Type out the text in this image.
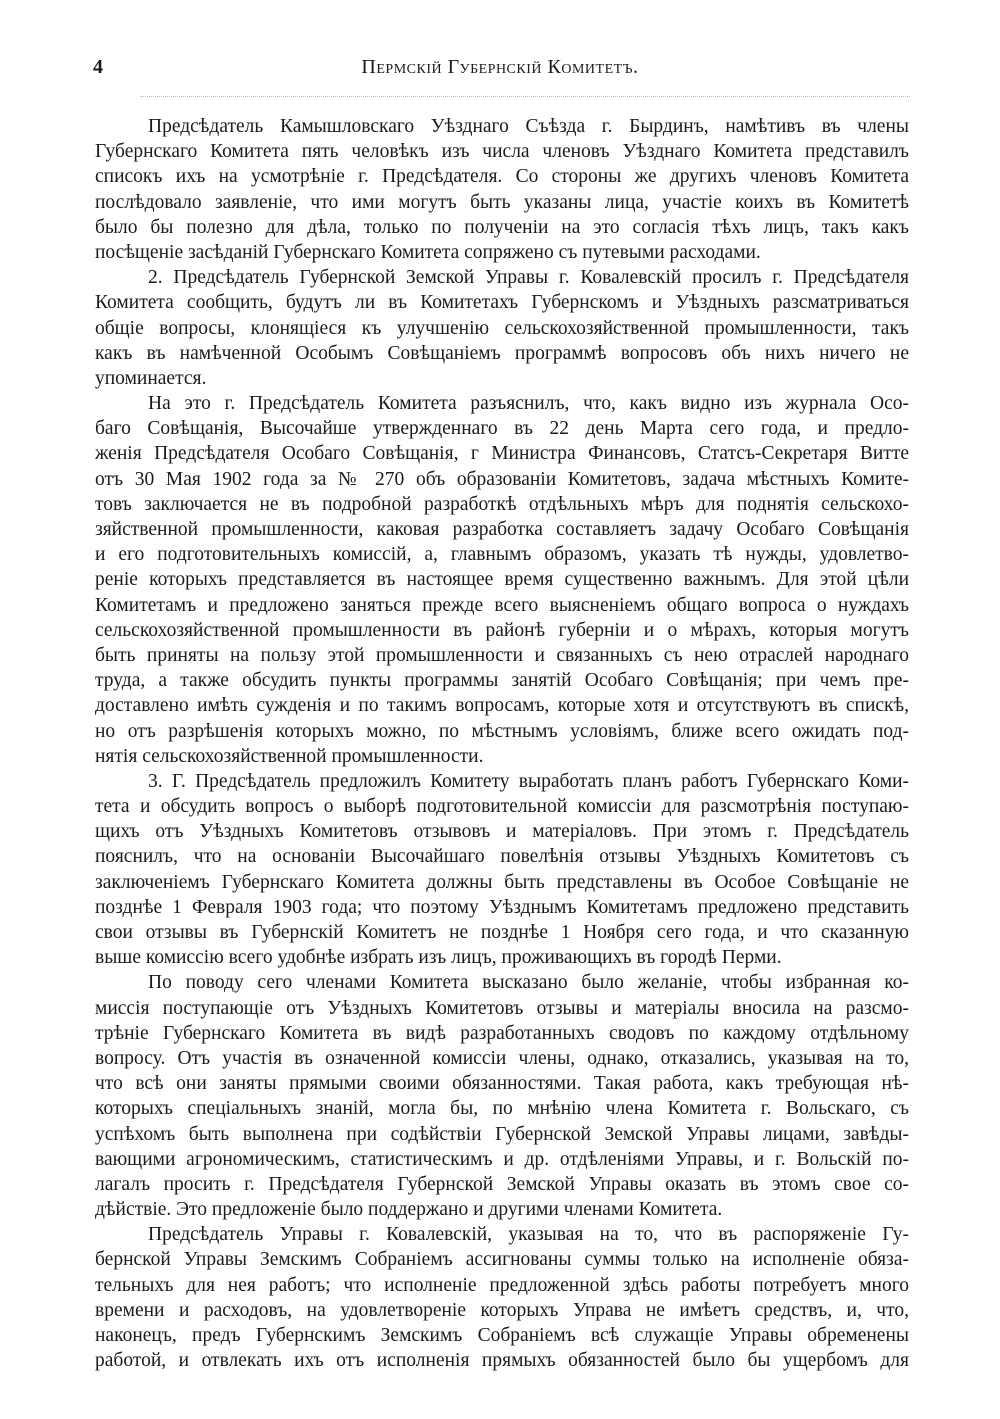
4	Пермскій Губернскій Комитетъ.
Предсѣдатель Камышловскаго Уѣзднаго Съѣзда г. Бырдинъ, намѣтивъ въ члены
Губернскаго Комитета пять человѣкъ изъ числа членовъ Уѣзднаго Комитета представилъ
списокъ ихъ на усмотрѣніе г. Предсѣдателя. Со стороны же другихъ членовъ Комитета
послѣдовало заявленіе, что ими могутъ быть указаны лица, участіе коихъ въ Комитетѣ
было бы полезно для дѣла, только по полученіи на это согласія тѣхъ лицъ, такъ какъ
посѣщеніе засѣданій Губернскаго Комитета сопряжено съ путевыми расходами.
2. Предсѣдатель Губернской Земской Управы г. Ковалевскій просилъ г. Предсѣдателя
Комитета сообщить, будутъ ли въ Комитетахъ Губернскомъ и Уѣздныхъ разсматриваться
общіе вопросы, клонящіеся къ улучшенію сельскохозяйственной промышленности, такъ
какъ въ намѣченной Особымъ Совѣщаніемъ программѣ вопросовъ объ нихъ ничего не
упоминается.
На это г. Предсѣдатель Комитета разъяснилъ, что, какъ видно изъ журнала Осо-
баго Совѣщанія, Высочайше утвержденнаго въ 22 день Марта сего года, и предло-
женія Предсѣдателя Особаго Совѣщанія, г Министра Финансовъ, Статсъ-Секретаря Витте
отъ 30 Мая 1902 года за № 270 объ образованіи Комитетовъ, задача мѣстныхъ Комите-
товъ заключается не въ подробной разработкѣ отдѣльныхъ мѣръ для поднятія сельскохо-
зяйственной промышленности, каковая разработка составляетъ задачу Особаго Совѣщанія
и его подготовительныхъ комиссій, а, главнымъ образомъ, указать тѣ нужды, удовлетво-
реніе которыхъ представляется въ настоящее время существенно важнымъ. Для этой цѣли
Комитетамъ и предложено заняться прежде всего выясненіемъ общаго вопроса о нуждахъ
сельскохозяйственной промышленности въ районѣ губерніи и о мѣрахъ, которыя могутъ
быть приняты на пользу этой промышленности и связанныхъ съ нею отраслей народнаго
труда, а также обсудить пункты программы занятій Особаго Совѣщанія; при чемъ пре-
доставлено имѣть сужденія и по такимъ вопросамъ, которые хотя и отсутствуютъ въ спискѣ,
но отъ разрѣшенія которыхъ можно, по мѣстнымъ условіямъ, ближе всего ожидать под-
нятія сельскохозяйственной промышленности.
3. Г. Предсѣдатель предложилъ Комитету выработать планъ работъ Губернскаго Коми-
тета и обсудить вопросъ о выборѣ подготовительной комиссіи для разсмотрѣнія поступаю-
щихъ отъ Уѣздныхъ Комитетовъ отзывовъ и матеріаловъ. При этомъ г. Предсѣдатель
пояснилъ, что на основаніи Высочайшаго повелѣнія отзывы Уѣздныхъ Комитетовъ съ
заключеніемъ Губернскаго Комитета должны быть представлены въ Особое Совѣщаніе не
позднѣе 1 Февраля 1903 года; что поэтому Уѣзднымъ Комитетамъ предложено представить
свои отзывы въ Губернскій Комитетъ не позднѣе 1 Ноября сего года, и что сказанную
выше комиссію всего удобнѣе избрать изъ лицъ, проживающихъ въ городѣ Перми.
По поводу сего членами Комитета высказано было желаніе, чтобы избранная ко-
миссія поступающіе отъ Уѣздныхъ Комитетовъ отзывы и матеріалы вносила на разсмо-
трѣніе Губернскаго Комитета въ видѣ разработанныхъ сводовъ по каждому отдѣльному
вопросу. Отъ участія въ означенной комиссіи члены, однако, отказались, указывая на то,
что всѣ они заняты прямыми своими обязанностями. Такая работа, какъ требующая нѣ-
которыхъ спеціальныхъ знаній, могла бы, по мнѣнію члена Комитета г. Вольскаго, съ
успѣхомъ быть выполнена при содѣйствіи Губернской Земской Управы лицами, завѣды-
вающими агрономическимъ, статистическимъ и др. отдѣленіями Управы, и г. Вольскій по-
лагалъ просить г. Предсѣдателя Губернской Земской Управы оказать въ этомъ свое со-
дѣйствіе. Это предложеніе было поддержано и другими членами Комитета.
Предсѣдатель Управы г. Ковалевскій, указывая на то, что въ распоряженіе Гу-
бернской Управы Земскимъ Собраніемъ ассигнованы суммы только на исполненіе обяза-
тельныхъ для нея работъ; что исполненіе предложенной здѣсь работы потребуетъ много
времени и расходовъ, на удовлетвореніе которыхъ Управа не имѣетъ средствъ, и, что,
наконецъ, предъ Губернскимъ Земскимъ Собраніемъ всѣ служащіе Управы обременены
работой, и отвлекать ихъ отъ исполненія прямыхъ обязанностей было бы ущербомъ для
